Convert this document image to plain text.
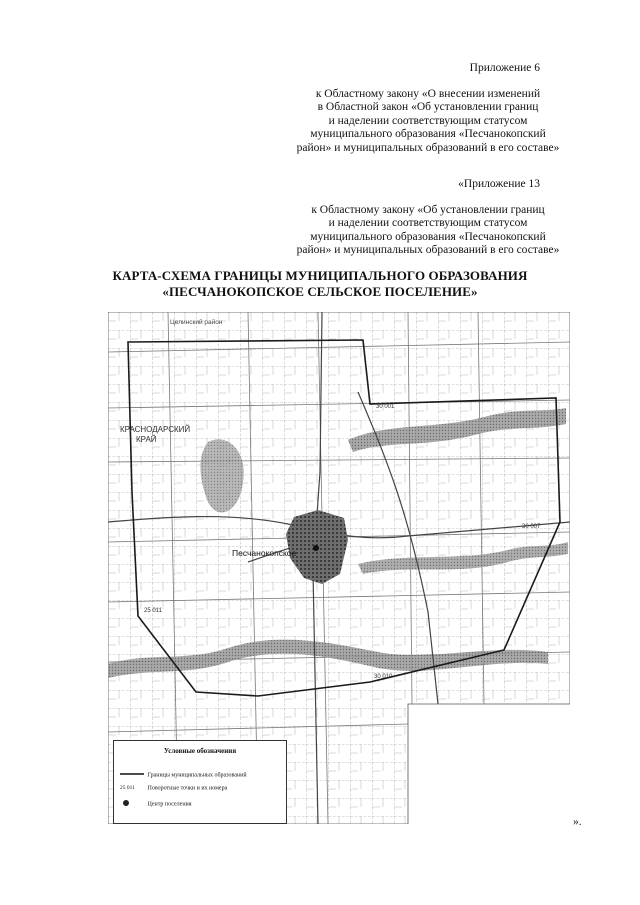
Приложение 6
к Областному закону «О внесении изменений
в Областной закон «Об установлении границ
и наделении соответствующим статусом
муниципального образования «Песчанокопский
район» и муниципальных образований в его составе»
«Приложение 13
к Областному закону «Об установлении границ
и наделении соответствующим статусом
муниципального образования «Песчанокопский
район» и муниципальных образований в его составе»
КАРТА-СХЕМА ГРАНИЦЫ МУНИЦИПАЛЬНОГО ОБРАЗОВАНИЯ
«ПЕСЧАНОКОПСКОЕ СЕЛЬСКОЕ ПОСЕЛЕНИЕ»
КРАСНОДАРСКИЙ
КРАЙ
Песчанокопское
Целинский район
30 001
30 007
30 010
25 011
Условные обозначения
Границы муниципальных образований
25 011 Поворотные точки и их номера
Центр поселения
».
